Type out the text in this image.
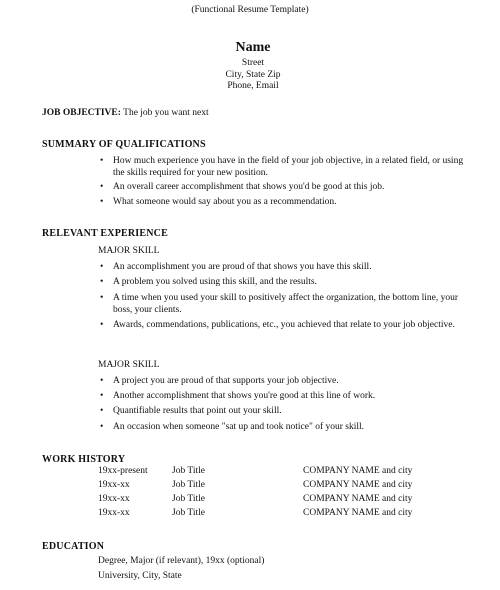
(Functional Resume Template)
Name
Street
City, State Zip
Phone, Email
JOB OBJECTIVE: The job you want next
SUMMARY OF QUALIFICATIONS
• How much experience you have in the field of your job objective, in a related field, or using the skills required for your new position.
• An overall career accomplishment that shows you'd be good at this job.
• What someone would say about you as a recommendation.
RELEVANT EXPERIENCE
MAJOR SKILL
• An accomplishment you are proud of that shows you have this skill.
• A problem you solved using this skill, and the results.
• A time when you used your skill to positively affect the organization, the bottom line, your boss, your clients.
• Awards, commendations, publications, etc., you achieved that relate to your job objective.
MAJOR SKILL
• A project you are proud of that supports your job objective.
• Another accomplishment that shows you're good at this line of work.
• Quantifiable results that point out your skill.
• An occasion when someone "sat up and took notice" of your skill.
WORK HISTORY
19xx-present	Job Title	COMPANY NAME and city
19xx-xx	Job Title	COMPANY NAME and city
19xx-xx	Job Title	COMPANY NAME and city
19xx-xx	Job Title	COMPANY NAME and city
EDUCATION
Degree, Major (if relevant), 19xx (optional)
University, City, State
